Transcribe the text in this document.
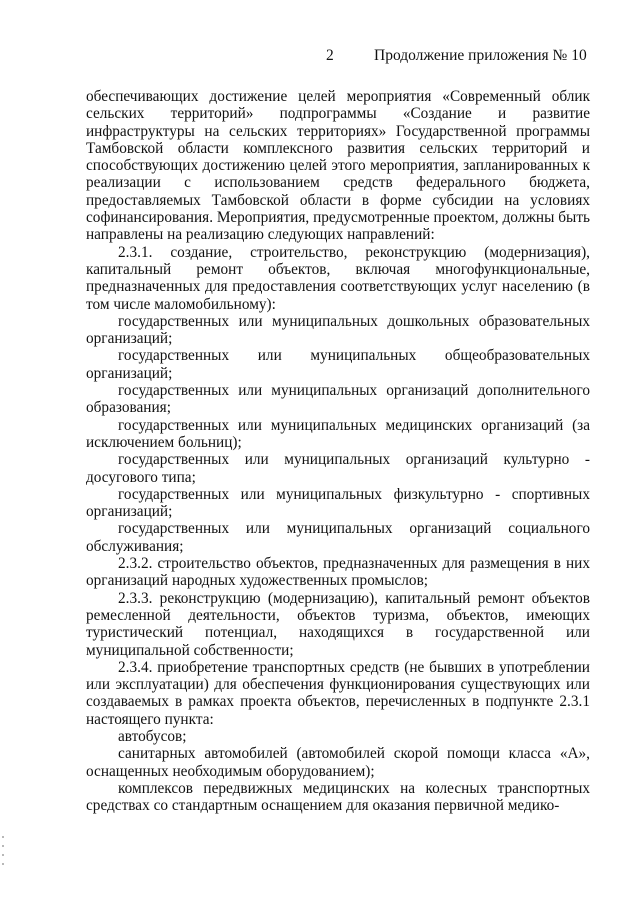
2	Продолжение приложения № 10

обеспечивающих достижение целей мероприятия «Современный облик сельских территорий» подпрограммы «Создание и развитие инфраструктуры на сельских территориях» Государственной программы Тамбовской области комплексного развития сельских территорий и способствующих достижению целей этого мероприятия, запланированных к реализации с использованием средств федерального бюджета, предоставляемых Тамбовской области в форме субсидии на условиях софинансирования. Мероприятия, предусмотренные проектом, должны быть направлены на реализацию следующих направлений:

2.3.1. создание, строительство, реконструкцию (модернизация), капитальный ремонт объектов, включая многофункциональные, предназначенных для предоставления соответствующих услуг населению (в том числе маломобильному):

государственных или муниципальных дошкольных образовательных организаций;

государственных или муниципальных общеобразовательных организаций;

государственных или муниципальных организаций дополнительного образования;

государственных или муниципальных медицинских организаций (за исключением больниц);

государственных или муниципальных организаций культурно - досугового типа;

государственных или муниципальных физкультурно - спортивных организаций;

государственных или муниципальных организаций социального обслуживания;

2.3.2. строительство объектов, предназначенных для размещения в них организаций народных художественных промыслов;

2.3.3. реконструкцию (модернизацию), капитальный ремонт объектов ремесленной деятельности, объектов туризма, объектов, имеющих туристический потенциал, находящихся в государственной или муниципальной собственности;

2.3.4. приобретение транспортных средств (не бывших в употреблении или эксплуатации) для обеспечения функционирования существующих или создаваемых в рамках проекта объектов, перечисленных в подпункте 2.3.1 настоящего пункта:

автобусов;

санитарных автомобилей (автомобилей скорой помощи класса «А», оснащенных необходимым оборудованием);

комплексов передвижных медицинских на колесных транспортных средствах со стандартным оснащением для оказания первичной медико-
